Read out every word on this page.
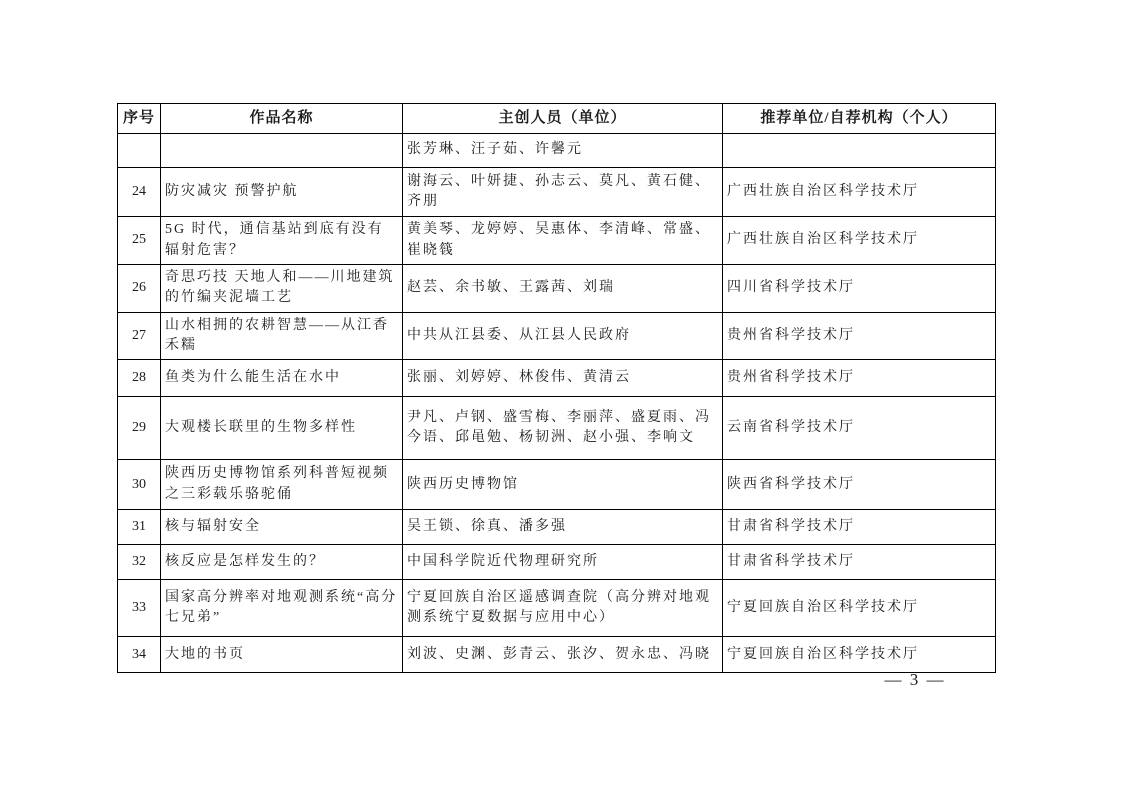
序号	作品名称	主创人员（单位）	推荐单位/自荐机构（个人）
		张芳琳、汪子茹、许馨元	
24	防灾减灾 预警护航	谢海云、叶妍捷、孙志云、莫凡、黄石健、齐朋	广西壮族自治区科学技术厅
25	5G 时代，通信基站到底有没有辐射危害？	黄美琴、龙婷婷、吴惠体、李清峰、常盛、崔晓篯	广西壮族自治区科学技术厅
26	奇思巧技 天地人和——川地建筑的竹编夹泥墙工艺	赵芸、余书敏、王露茜、刘瑞	四川省科学技术厅
27	山水相拥的农耕智慧——从江香禾糯	中共从江县委、从江县人民政府	贵州省科学技术厅
28	鱼类为什么能生活在水中	张丽、刘婷婷、林俊伟、黄清云	贵州省科学技术厅
29	大观楼长联里的生物多样性	尹凡、卢钢、盛雪梅、李丽萍、盛夏雨、冯今语、邱黾勉、杨韧洲、赵小强、李响文	云南省科学技术厅
30	陕西历史博物馆系列科普短视频之三彩载乐骆驼俑	陕西历史博物馆	陕西省科学技术厅
31	核与辐射安全	吴王锁、徐真、潘多强	甘肃省科学技术厅
32	核反应是怎样发生的？	中国科学院近代物理研究所	甘肃省科学技术厅
33	国家高分辨率对地观测系统“高分七兄弟”	宁夏回族自治区遥感调查院（高分辨对地观测系统宁夏数据与应用中心）	宁夏回族自治区科学技术厅
34	大地的书页	刘波、史渊、彭青云、张汐、贺永忠、冯晓	宁夏回族自治区科学技术厅
— 3 —
